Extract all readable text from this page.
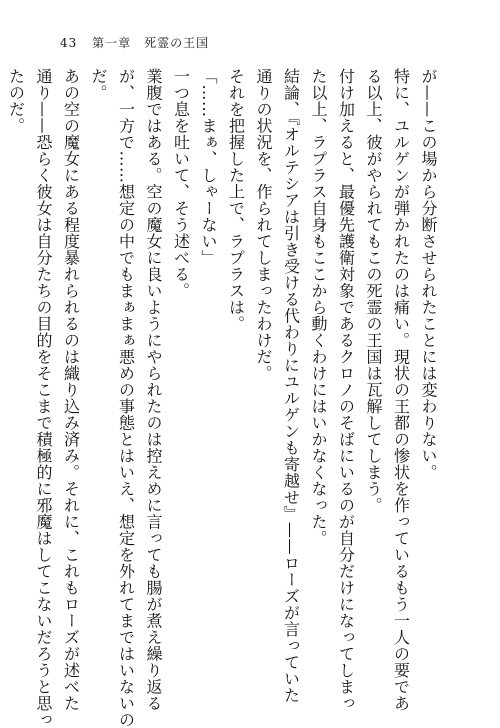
43 第一章　死霊の王国
が——この場から分断させられたことには変わりない。
特に、ユルゲンが弾かれたのは痛い。現状の王都の惨状を作っているもう一人の要であ
る以上、彼がやられてもこの死霊の王国は瓦解してしまう。
付け加えると、最優先護衛対象であるクロノのそばにいるのが自分だけになってしまっ
た以上、ラプラス自身もここから動くわけにはいかなくなった。
結論、『オルテシアは引き受ける代わりにユルゲンも寄越せ』——ローズが言っていた
通りの状況を、作られてしまったわけだ。
それを把握した上で、ラプラスは。
「……まぁ、しゃーない」
一つ息を吐いて、そう述べる。
業腹ではある。空の魔女に良いようにやられたのは控えめに言っても腸が煮え繰り返る
が、一方で……想定の中でもまぁまぁ悪めの事態とはいえ、想定を外れてまではいないの
だ。
あの空の魔女にある程度暴れられるのは織り込み済み。それに、これもローズが述べた
通り——恐らく彼女は自分たちの目的をそこまで積極的に邪魔はしてこないだろうと思っ
たのだ。
